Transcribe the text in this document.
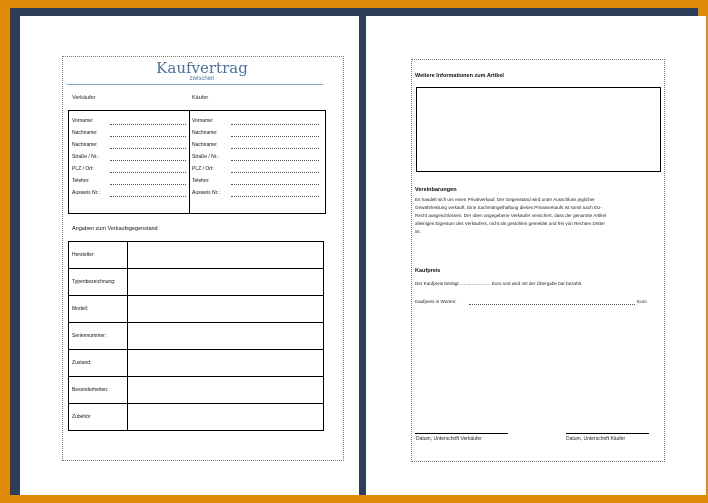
Kaufvertrag
zwischen
Verkäufer	Käufer
Vorname:
Nachname:
Nachname:
Straße / Nr.:
PLZ / Ort:
Telefon:
Ausweis Nr.:
Vorname:
Nachname:
Nachname:
Straße / Nr.:
PLZ / Ort:
Telefon:
Ausweis Nr.:
Angaben zum Verkaufsgegenstand
Hersteller:	
Typenbezeichnung:	
Modell:	
Seriennummer:	
Zustand:	
Besonderheiten:	
Zubehör	
Weitere Informationen zum Artikel
Vereinbarungen
Es handelt sich um einen Privatverkauf. Der Gegenstand wird unter Ausschluss jeglicher
Gewährleistung verkauft. Eine Sachmängelhaftung dieses Privatverkaufs ist somit nach EU-
Recht ausgeschlossen. Der oben angegebene Verkäufer versichert, dass der genannte Artikel
alleiniges Eigentum des Verkäufers, nicht als gestohlen gemeldet und frei von Rechten Dritter
ist.
Kaufpreis
Der Kaufpreis beträgt ........................ Euro und wird mit der Übergabe bar bezahlt.
Kaufpreis in Worten:	Euro
Datum, Unterschrift Verkäufer	Datum, Unterschrift Käufer
